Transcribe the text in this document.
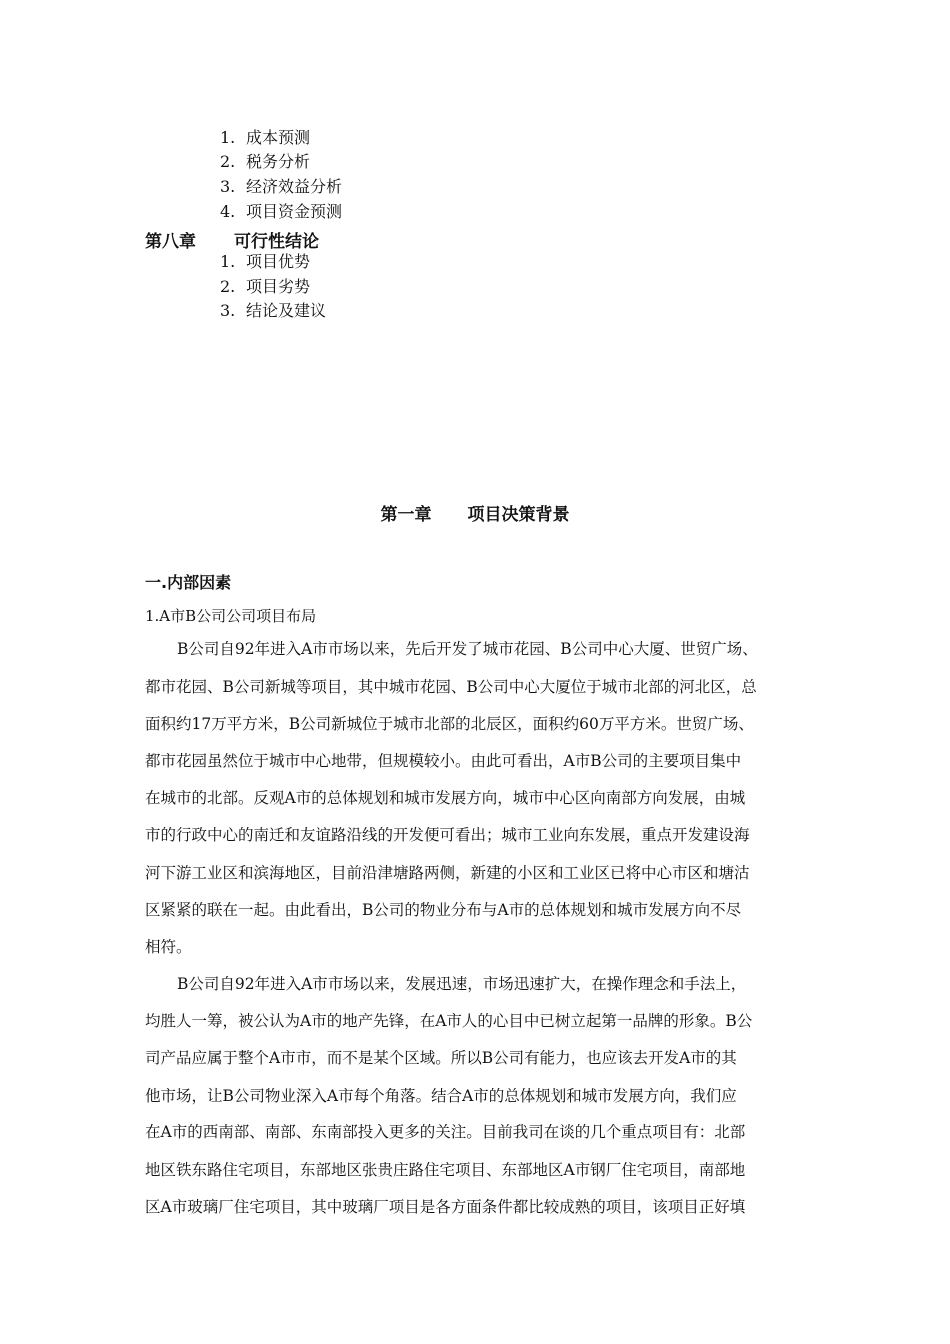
1. 成本预测
2. 税务分析
3. 经济效益分析
4. 项目资金预测
第八章 可行性结论
1. 项目优势
2. 项目劣势
3. 结论及建议
第一章 项目决策背景
一.内部因素
1.A市B公司公司项目布局
B公司自92年进入A市市场以来，先后开发了城市花园、B公司中心大厦、世贸广场、
都市花园、B公司新城等项目，其中城市花园、B公司中心大厦位于城市北部的河北区，总
面积约17万平方米，B公司新城位于城市北部的北辰区，面积约60万平方米。世贸广场、
都市花园虽然位于城市中心地带，但规模较小。由此可看出，A市B公司的主要项目集中
在城市的北部。反观A市的总体规划和城市发展方向，城市中心区向南部方向发展，由城
市的行政中心的南迁和友谊路沿线的开发便可看出；城市工业向东发展，重点开发建设海
河下游工业区和滨海地区，目前沿津塘路两侧，新建的小区和工业区已将中心市区和塘沽
区紧紧的联在一起。由此看出，B公司的物业分布与A市的总体规划和城市发展方向不尽
相符。
B公司自92年进入A市市场以来，发展迅速，市场迅速扩大，在操作理念和手法上，
均胜人一筹，被公认为A市的地产先锋，在A市人的心目中已树立起第一品牌的形象。B公
司产品应属于整个A市市，而不是某个区域。所以B公司有能力，也应该去开发A市的其
他市场，让B公司物业深入A市每个角落。结合A市的总体规划和城市发展方向，我们应
在A市的西南部、南部、东南部投入更多的关注。目前我司在谈的几个重点项目有：北部
地区铁东路住宅项目，东部地区张贵庄路住宅项目、东部地区A市钢厂住宅项目，南部地
区A市玻璃厂住宅项目，其中玻璃厂项目是各方面条件都比较成熟的项目，该项目正好填
